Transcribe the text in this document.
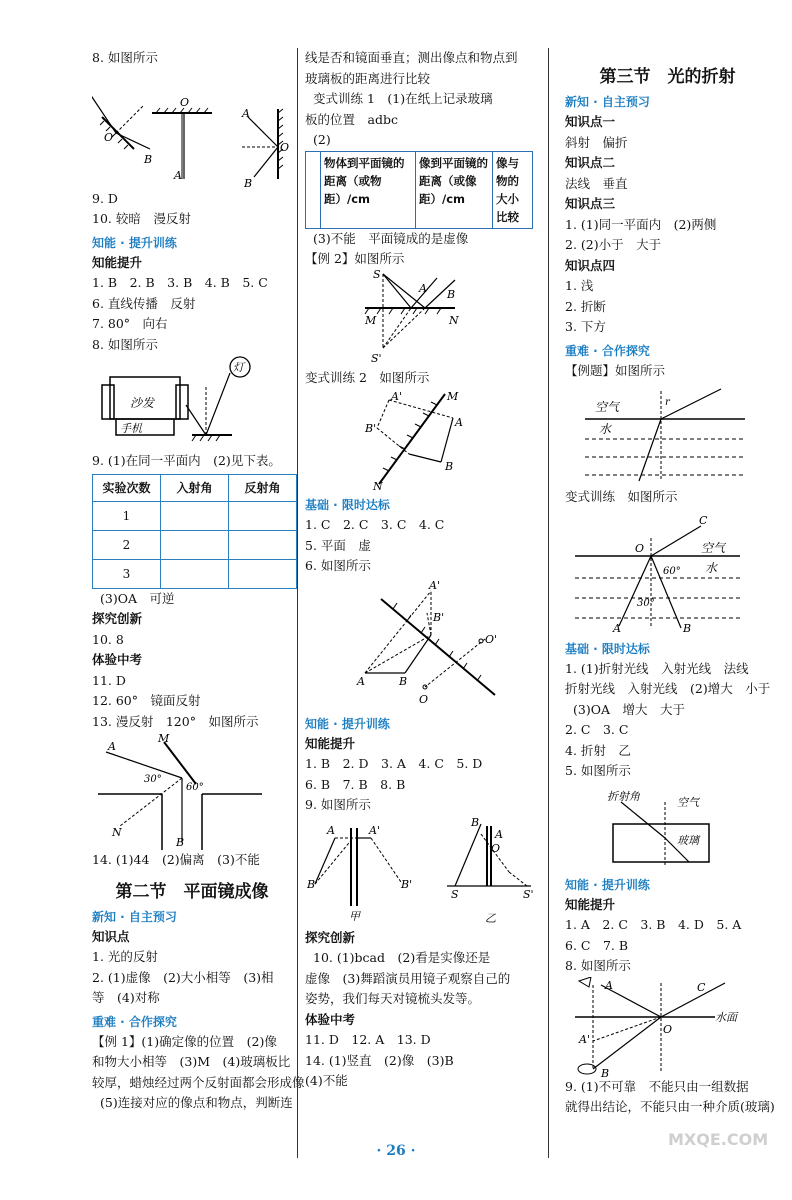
8. 如图所示
O
B
O
A
A
O
B
9. D
10. 较暗　漫反射
知能 · 提升训练
知能提升
1. B　2. B　3. B　4. B　5. C
6. 直线传播　反射
7. 80°　向右
8. 如图所示
沙发
手机
灯
9. (1)在同一平面内　(2)见下表。
实验次数	入射角	反射角
1		
2		
3		
(3)OA　可逆
探究创新
10. 8
体验中考
11. D
12. 60°　镜面反射
13. 漫反射　120°　如图所示
A
M
30°
60°
N
B
14. (1)44　(2)偏离　(3)不能
第二节　平面镜成像
新知 · 自主预习
知识点
1. 光的反射
2. (1)虚像　(2)大小相等　(3)相
等　(4)对称
重难 · 合作探究
【例 1】(1)确定像的位置　(2)像
和物大小相等　(3)M　(4)玻璃板比
较厚，蜡烛经过两个反射面都会形成像
(5)连接对应的像点和物点，判断连
线是否和镜面垂直；测出像点和物点到
玻璃板的距离进行比较
变式训练 1　(1)在纸上记录玻璃
板的位置　adbc
(2)
	物体到平面镜的距离（或物距）/cm	像到平面镜的距离（或像距）/cm	像与物的大小比较
(3)不能　平面镜成的是虚像
【例 2】如图所示
S
A B
M	N
S'
变式训练 2　如图所示
A'	M
B'	A
B
N
基础 · 限时达标
1. C　2. C　3. C　4. C
5. 平面　虚
6. 如图所示
A'
B'
O'
A	B
O
知能 · 提升训练
知能提升
1. B　2. D　3. A　4. C　5. D
6. B　7. B　8. B
9. 如图所示
A	A'
B	B'
甲
B
A
O
S	S'
乙
探究创新
10. (1)bcad　(2)看是实像还是
虚像　(3)舞蹈演员用镜子观察自己的
姿势，我们每天对镜梳头发等。
体验中考
11. D　12. A　13. D
14. (1)竖直　(2)像　(3)B
(4)不能
第三节　光的折射
新知 · 自主预习
知识点一
斜射　偏折
知识点二
法线　垂直
知识点三
1. (1)同一平面内　(2)两侧
2. (2)小于　大于
知识点四
1. 浅
2. 折断
3. 下方
重难 · 合作探究
【例题】如图所示
r
空气
水
变式训练　如图所示
C
O
60°
30°
A	B
空气
水
基础 · 限时达标
1. (1)折射光线　入射光线　法线
折射光线　入射光线　(2)增大　小于
(3)OA　增大　大于
2. C　3. C
4. 折射　乙
5. 如图所示
折射角	空气
玻璃
知能 · 提升训练
知能提升
1. A　2. C　3. B　4. D　5. A
6. C　7. B
8. 如图所示
A	C
O
A'
B
水面
9. (1)不可靠　不能只由一组数据
就得出结论，不能只由一种介质(玻璃)
· 26 ·
MXQE.COM
